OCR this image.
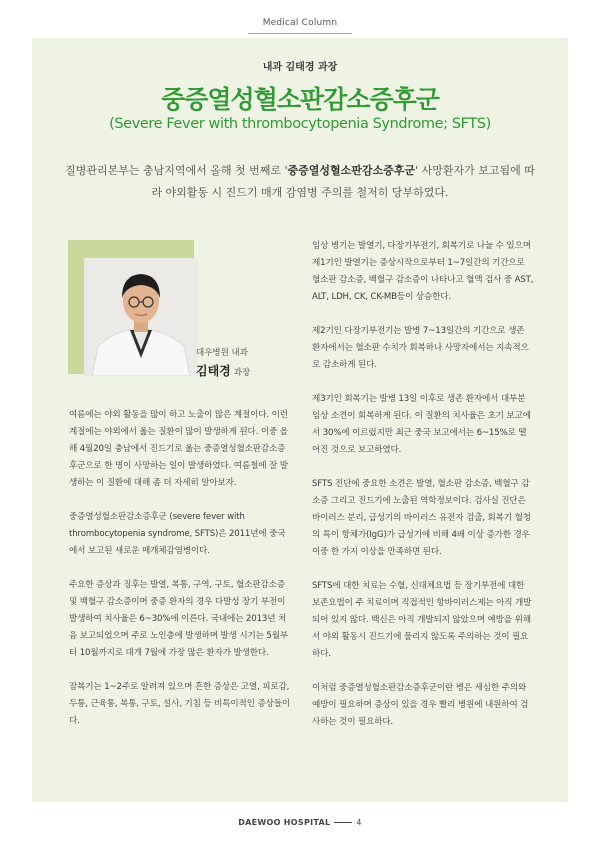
Medical Column
내과 김태경 과장
중증열성혈소판감소증후군
(Severe Fever with thrombocytopenia Syndrome; SFTS)
질병관리본부는 충남지역에서 올해 첫 번째로 '중증열성혈소판감소증후군' 사망환자가 보고됨에 따라 야외활동 시 진드기 매개 감염병 주의를 철저히 당부하였다.
대우병원 내과
김태경 과장

여름에는 야외 활동을 많이 하고 노출이 많은 계절이다. 이런 계절에는 야외에서 옮는 질환이 많이 발생하게 된다. 이중 올해 4월20일 충남에서 진드기로 옮는 중증열성혈소판감소증후군으로 한 명이 사망하는 일이 발생하였다. 여름철에 잘 발생하는 이 질환에 대해 좀 더 자세히 알아보자.

중증열성혈소판감소증후군 (severe fever with thrombocytopenia syndrome, SFTS)은 2011년에 중국에서 보고된 새로운 매개체감염병이다.

주요한 증상과 징후는 발열, 복통, 구역, 구토, 혈소판감소증 및 백혈구 감소증이며 중증 환자의 경우 다발성 장기 부전이 발생하여 치사율은 6~30%에 이른다. 국내에는 2013년 처음 보고되었으며 주로 노인층에 발생하며 발생 시기는 5월부터 10월까지로 대개 7월에 가장 많은 환자가 발생한다.

잠복기는 1~2주로 알려져 있으며 흔한 증상은 고열, 피로감, 두통, 근육통, 복통, 구토, 설사, 기침 등 비특이적인 증상들이다.

임상 병기는 발열기, 다장기부전기, 회복기로 나눌 수 있으며 제1기인 발열기는 증상시작으로부터 1~7일간의 기간으로 혈소판 감소증, 백혈구 감소증이 나타나고 혈액 검사 중 AST, ALT, LDH, CK, CK-MB등이 상승한다.

제2기인 다장기부전기는 발병 7~13일간의 기간으로 생존 환자에서는 혈소판 수치가 회복하나 사망자에서는 지속적으로 감소하게 된다.

제3기인 회복기는 발병 13일 이후로 생존 환자에서 대부분 임상 소견이 회복하게 된다. 이 질환의 치사율은 초기 보고에서 30%에 이르렀지만 최근 중국 보고에서는 6~15%로 떨어진 것으로 보고하였다.

SFTS 진단에 중요한 소견은 발열, 혈소판 감소증, 백혈구 감소증 그리고 진드기에 노출된 역학정보이다. 검사실 진단은 바이러스 분리, 급성기의 바이러스 유전자 검출, 회복기 혈청의 특이 항체가(IgG)가 급성기에 비해 4배 이상 증가한 경우 이중 한 가지 이상을 만족하면 된다.

SFTS에 대한 치료는 수혈, 신대체요법 등 장기부전에 대한 보존요법이 주 치료이며 직접적인 항바이러스제는 아직 개발되어 있지 않다. 백신은 아직 개발되지 않았으며 예방을 위해서 야외 활동시 진드기에 물리지 않도록 주의하는 것이 필요하다.

이처럼 중증열성혈소판감소증후군이란 병은 세심한 주의와 예방이 필요하며 증상이 있을 경우 빨리 병원에 내원하여 검사하는 것이 필요하다.

DAEWOO HOSPITAL	4
